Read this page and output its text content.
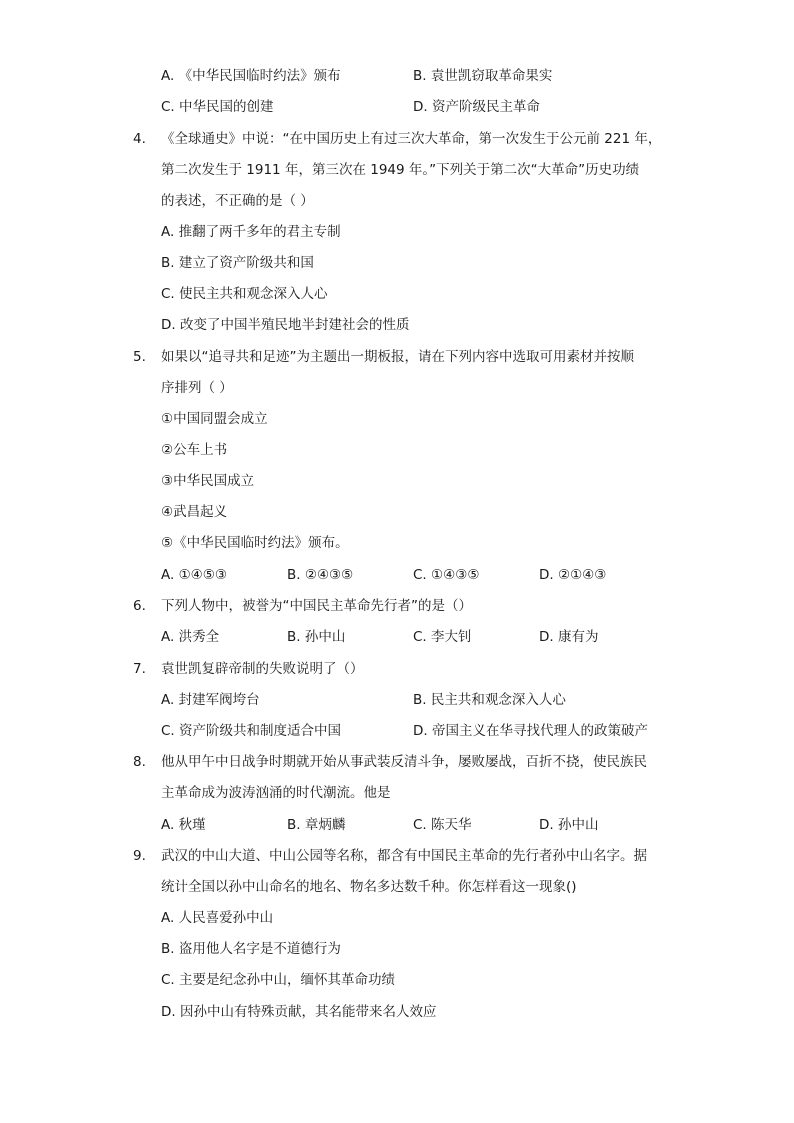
A. 《中华民国临时约法》颁布	B. 袁世凯窃取革命果实
C. 中华民国的创建	D. 资产阶级民主革命
4. 《全球通史》中说：“在中国历史上有过三次大革命，第一次发生于公元前 221 年，
第二次发生于 1911 年，第三次在 1949 年。”下列关于第二次“大革命”历史功绩
的表述，不正确的是（ ）
A. 推翻了两千多年的君主专制
B. 建立了资产阶级共和国
C. 使民主共和观念深入人心
D. 改变了中国半殖民地半封建社会的性质
5. 如果以“追寻共和足迹”为主题出一期板报，请在下列内容中选取可用素材并按顺
序排列（ ）
①中国同盟会成立
②公车上书
③中华民国成立
④武昌起义
⑤《中华民国临时约法》颁布。
A. ①④⑤③	B. ②④③⑤	C. ①④③⑤	D. ②①④③
6. 下列人物中，被誉为“中国民主革命先行者”的是（）
A. 洪秀全	B. 孙中山	C. 李大钊	D. 康有为
7. 袁世凯复辟帝制的失败说明了（）
A. 封建军阀垮台	B. 民主共和观念深入人心
C. 资产阶级共和制度适合中国	D. 帝国主义在华寻找代理人的政策破产
8. 他从甲午中日战争时期就开始从事武装反清斗争，屡败屡战，百折不挠，使民族民
主革命成为波涛汹涌的时代潮流。他是
A. 秋瑾	B. 章炳麟	C. 陈天华	D. 孙中山
9. 武汉的中山大道、中山公园等名称，都含有中国民主革命的先行者孙中山名字。据
统计全国以孙中山命名的地名、物名多达数千种。你怎样看这一现象()
A. 人民喜爱孙中山
B. 盗用他人名字是不道德行为
C. 主要是纪念孙中山，缅怀其革命功绩
D. 因孙中山有特殊贡献，其名能带来名人效应
